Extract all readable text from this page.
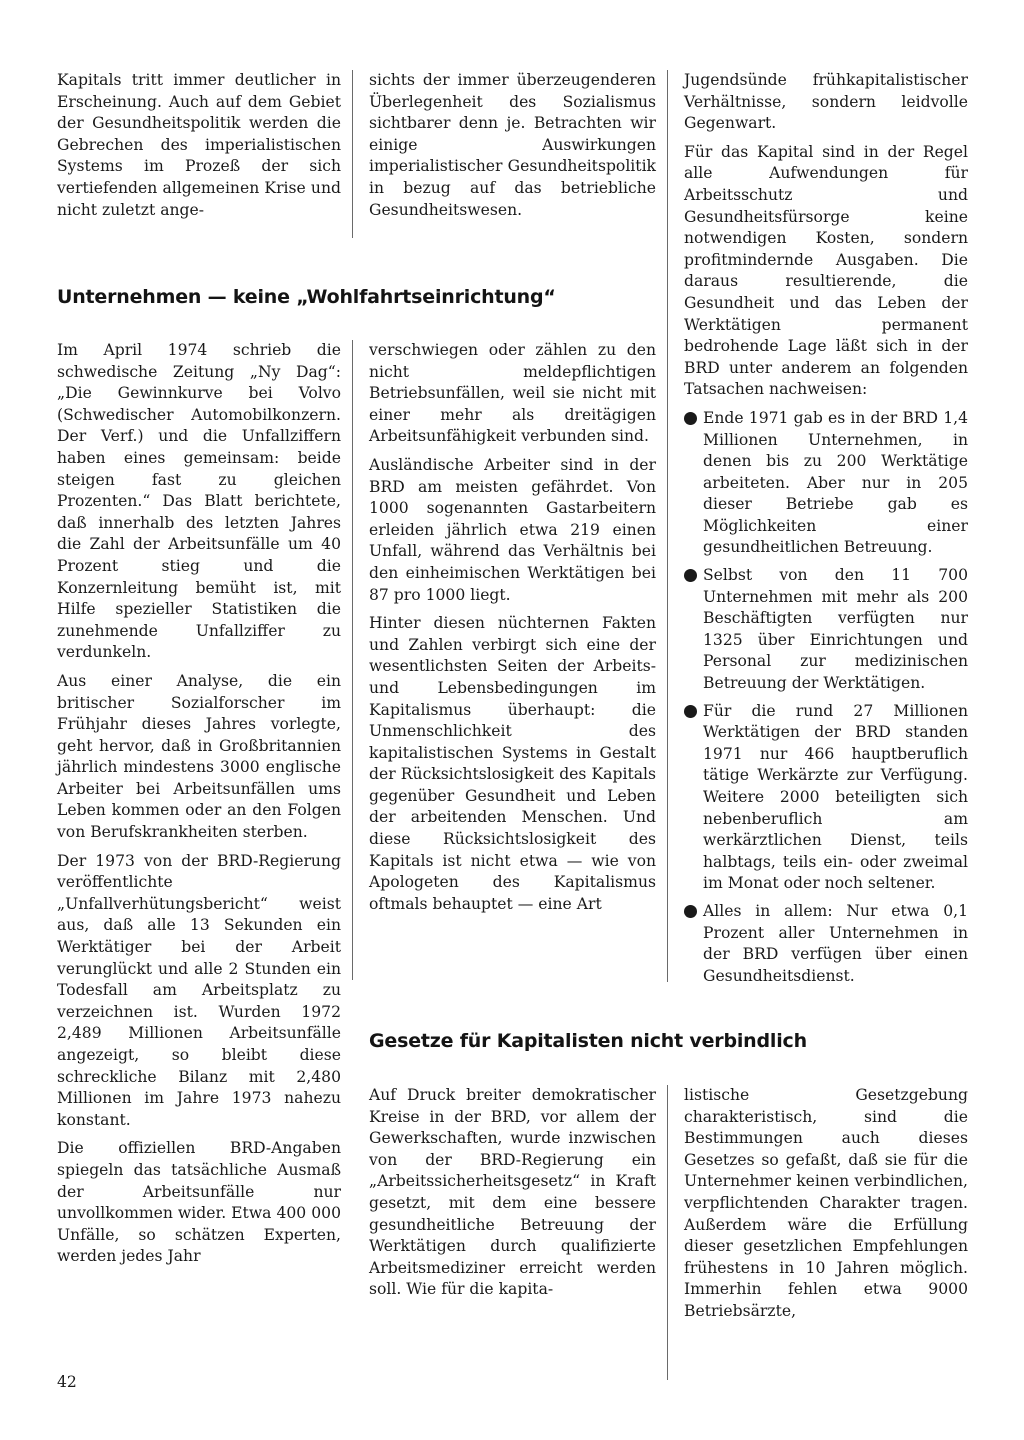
Kapitals tritt immer deutlicher in Erscheinung. Auch auf dem Gebiet der Gesundheitspolitik werden die Gebrechen des imperialistischen Systems im Prozeß der sich vertiefenden allgemeinen Krise und nicht zuletzt ange-

sichts der immer überzeugenderen Überlegenheit des Sozialismus sichtbarer denn je. Betrachten wir einige Auswirkungen imperialistischer Gesundheitspolitik in bezug auf das betriebliche Gesundheitswesen.

Jugendsünde frühkapitalistischer Verhältnisse, sondern leidvolle Gegenwart.

Für das Kapital sind in der Regel alle Aufwendungen für Arbeitsschutz und Gesundheitsfürsorge keine notwendigen Kosten, sondern profitmindernde Ausgaben. Die daraus resultierende, die Gesundheit und das Leben der Werktätigen permanent bedrohende Lage läßt sich in der BRD unter anderem an folgenden Tatsachen nachweisen:

Ende 1971 gab es in der BRD 1,4 Millionen Unternehmen, in denen bis zu 200 Werktätige arbeiteten. Aber nur in 205 dieser Betriebe gab es Möglichkeiten einer gesundheitlichen Betreuung.
Selbst von den 11 700 Unternehmen mit mehr als 200 Beschäftigten verfügten nur 1325 über Einrichtungen und Personal zur medizinischen Betreuung der Werktätigen.
Für die rund 27 Millionen Werktätigen der BRD standen 1971 nur 466 hauptberuflich tätige Werkärzte zur Verfügung. Weitere 2000 beteiligten sich nebenberuflich am werkärztlichen Dienst, teils halbtags, teils ein- oder zweimal im Monat oder noch seltener.
Alles in allem: Nur etwa 0,1 Prozent aller Unternehmen in der BRD verfügen über einen Gesundheitsdienst.
Unternehmen — keine „Wohlfahrtseinrichtung“

Im April 1974 schrieb die schwedische Zeitung „Ny Dag“: „Die Gewinnkurve bei Volvo (Schwedischer Automobilkonzern. Der Verf.) und die Unfallziffern haben eines gemeinsam: beide steigen fast zu gleichen Prozenten.“ Das Blatt berichtete, daß innerhalb des letzten Jahres die Zahl der Arbeitsunfälle um 40 Prozent stieg und die Konzernleitung bemüht ist, mit Hilfe spezieller Statistiken die zunehmende Unfallziffer zu verdunkeln.

Aus einer Analyse, die ein britischer Sozialforscher im Frühjahr dieses Jahres vorlegte, geht hervor, daß in Großbritannien jährlich mindestens 3000 englische Arbeiter bei Arbeitsunfällen ums Leben kommen oder an den Folgen von Berufskrankheiten sterben.

Der 1973 von der BRD-Regierung veröffentlichte „Unfallverhütungsbericht“ weist aus, daß alle 13 Sekunden ein Werktätiger bei der Arbeit verunglückt und alle 2 Stunden ein Todesfall am Arbeitsplatz zu verzeichnen ist. Wurden 1972 2,489 Millionen Arbeitsunfälle angezeigt, so bleibt diese schreckliche Bilanz mit 2,480 Millionen im Jahre 1973 nahezu konstant.

Die offiziellen BRD-Angaben spiegeln das tatsächliche Ausmaß der Arbeitsunfälle nur unvollkommen wider. Etwa 400 000 Unfälle, so schätzen Experten, werden jedes Jahr

verschwiegen oder zählen zu den nicht meldepflichtigen Betriebsunfällen, weil sie nicht mit einer mehr als dreitägigen Arbeitsunfähigkeit verbunden sind.

Ausländische Arbeiter sind in der BRD am meisten gefährdet. Von 1000 sogenannten Gastarbeitern erleiden jährlich etwa 219 einen Unfall, während das Verhältnis bei den einheimischen Werktätigen bei 87 pro 1000 liegt.

Hinter diesen nüchternen Fakten und Zahlen verbirgt sich eine der wesentlichsten Seiten der Arbeits- und Lebensbedingungen im Kapitalismus überhaupt: die Unmenschlichkeit des kapitalistischen Systems in Gestalt der Rücksichtslosigkeit des Kapitals gegenüber Gesundheit und Leben der arbeitenden Menschen. Und diese Rücksichtslosigkeit des Kapitals ist nicht etwa — wie von Apologeten des Kapitalismus oftmals behauptet — eine Art

Gesetze für Kapitalisten nicht verbindlich

Auf Druck breiter demokratischer Kreise in der BRD, vor allem der Gewerkschaften, wurde inzwischen von der BRD-Regierung ein „Arbeitssicherheitsgesetz“ in Kraft gesetzt, mit dem eine bessere gesundheitliche Betreuung der Werktätigen durch qualifizierte Arbeitsmediziner erreicht werden soll. Wie für die kapita-

listische Gesetzgebung charakteristisch, sind die Bestimmungen auch dieses Gesetzes so gefaßt, daß sie für die Unternehmer keinen verbindlichen, verpflichtenden Charakter tragen. Außerdem wäre die Erfüllung dieser gesetzlichen Empfehlungen frühestens in 10 Jahren möglich. Immerhin fehlen etwa 9000 Betriebsärzte,

42
